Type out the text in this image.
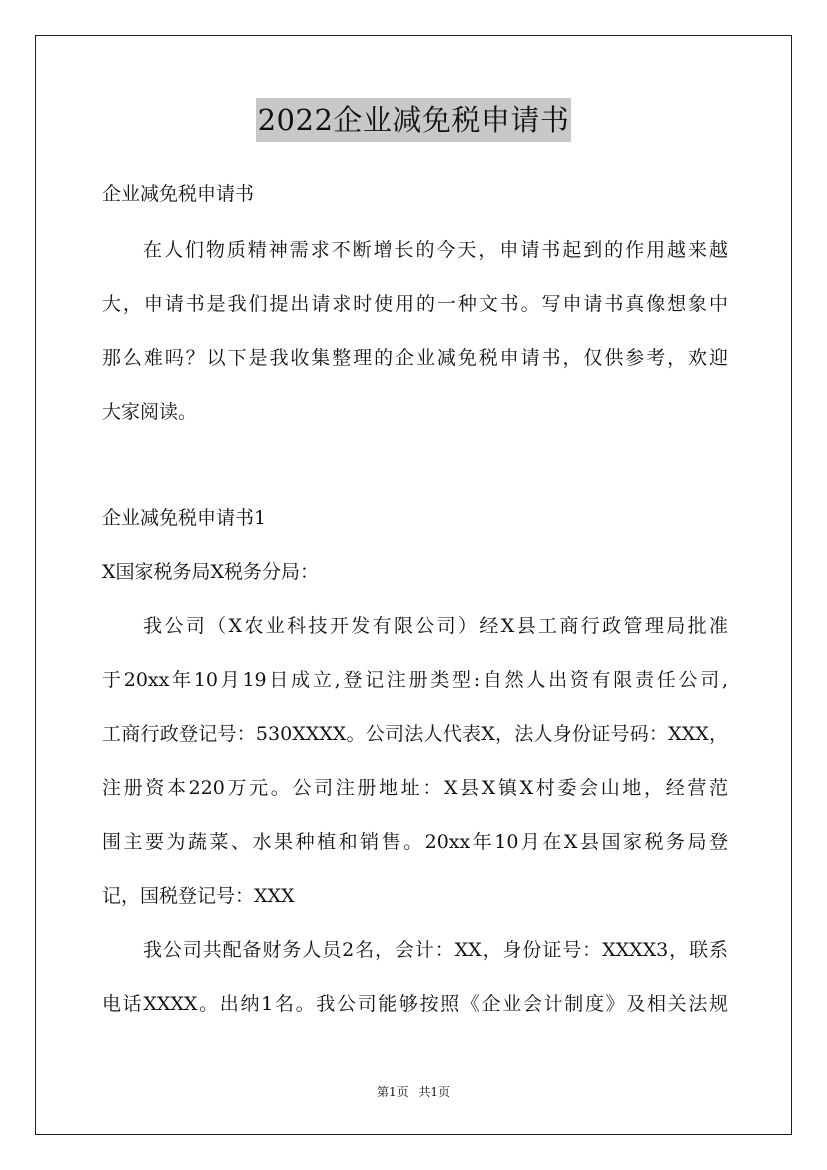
2022企业减免税申请书

企业减免税申请书

在人们物质精神需求不断增长的今天，申请书起到的作用越来越

大，申请书是我们提出请求时使用的一种文书。写申请书真像想象中

那么难吗？以下是我收集整理的企业减免税申请书，仅供参考，欢迎

大家阅读。

企业减免税申请书1

X国家税务局X税务分局：

我公司（X农业科技开发有限公司）经X县工商行政管理局批准

于20xx年10月19日成立,登记注册类型:自然人出资有限责任公司,

工商行政登记号：530XXXX。公司法人代表X，法人身份证号码：XXX，

注册资本220万元。公司注册地址：X县X镇X村委会山地，经营范

围主要为蔬菜、水果种植和销售。20xx年10月在X县国家税务局登

记，国税登记号：XXX

我公司共配备财务人员2名，会计：XX，身份证号：XXXX3，联系

电话XXXX。出纳1名。我公司能够按照《企业会计制度》及相关法规

第1页 共1页
